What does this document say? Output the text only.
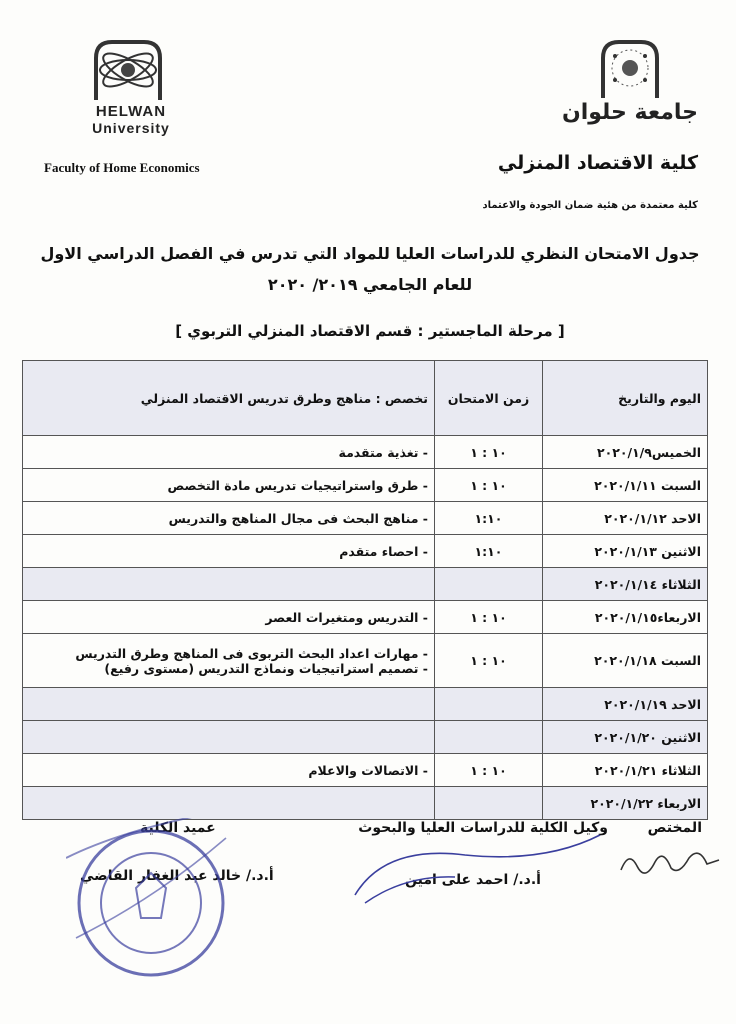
HELWAN
University
Faculty of Home Economics
جامعة حلوان
كلية الاقتصاد المنزلي
كلية معتمدة من هئية ضمان الجودة والاعتماد
جدول الامتحان النظري للدراسات العليا للمواد التي تدرس في الفصل الدراسي الاول
للعام الجامعي ٢٠١٩/ ٢٠٢٠
[ مرحلة الماجستير : قسم الاقتصاد المنزلي التربوي ]
اليوم والتاريخ	زمن الامتحان	تخصص : مناهج وطرق تدريس الاقتصاد المنزلي
الخميس٢٠٢٠/١/٩	١٠ : ١	- تغذية متقدمة
السبت ٢٠٢٠/١/١١	١٠ : ١	- طرق واستراتيجيات تدريس مادة التخصص
الاحد ٢٠٢٠/١/١٢	١:١٠	- مناهج البحث فى مجال المناهج والتدريس
الاثنين ٢٠٢٠/١/١٣	١:١٠	- احصاء متقدم
الثلاثاء ٢٠٢٠/١/١٤		
الاربعاء٢٠٢٠/١/١٥	١٠ : ١	- التدريس ومتغيرات العصر
السبت ٢٠٢٠/١/١٨	١٠ : ١	- مهارات اعداد البحث التربوى فى المناهج وطرق التدريس
- تصميم استراتيجيات ونماذج التدريس (مستوى رفيع)

الاحد ٢٠٢٠/١/١٩		
الاثنين ٢٠٢٠/١/٢٠		
الثلاثاء ٢٠٢٠/١/٢١	١٠ : ١	- الاتصالات والاعلام
الاربعاء ٢٠٢٠/١/٢٢		
المختص
وكيل الكلية للدراسات العليا والبحوث
عميد الكلية
أ.د./ احمد على امين
أ.د./ خالد عبد الغفار القاضي
